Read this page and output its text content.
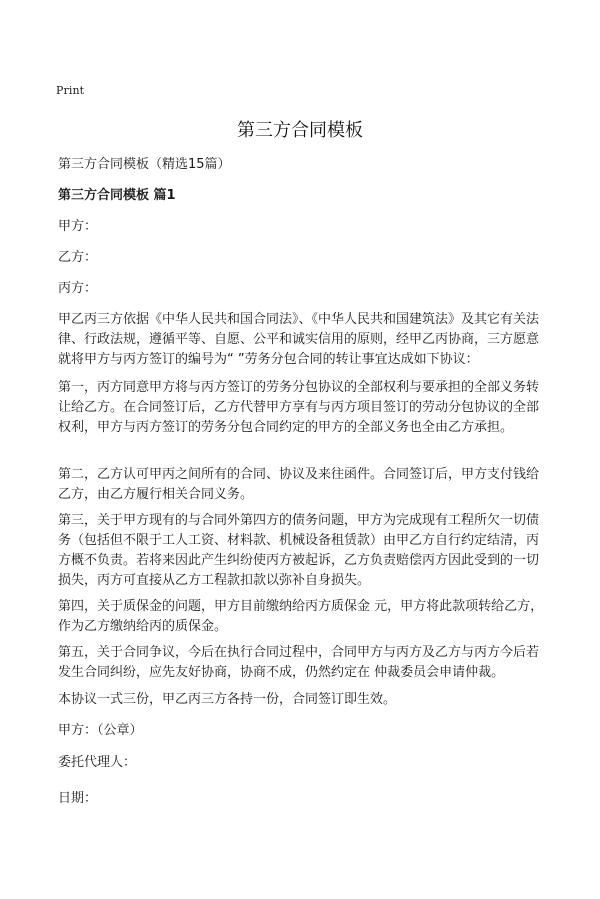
Print
第三方合同模板

第三方合同模板（精选15篇）

第三方合同模板 篇1

甲方：

乙方：

丙方：

甲乙丙三方依据《中华人民共和国合同法》、《中华人民共和国建筑法》及其它有关法律、行政法规，遵循平等、自愿、公平和诚实信用的原则，经甲乙丙协商，三方愿意就将甲方与丙方签订的编号为“ ”劳务分包合同的转让事宜达成如下协议：

第一，丙方同意甲方将与丙方签订的劳务分包协议的全部权利与要承担的全部义务转让给乙方。在合同签订后，乙方代替甲方享有与丙方项目签订的劳动分包协议的全部权利，甲方与丙方签订的劳务分包合同约定的甲方的全部义务也全由乙方承担。

第二，乙方认可甲丙之间所有的合同、协议及来往函件。合同签订后，甲方支付钱给乙方，由乙方履行相关合同义务。

第三，关于甲方现有的与合同外第四方的债务问题，甲方为完成现有工程所欠一切债务（包括但不限于工人工资、材料款、机械设备租赁款）由甲乙方自行约定结清，丙方概不负责。若将来因此产生纠纷使丙方被起诉，乙方负责赔偿丙方因此受到的一切损失，丙方可直接从乙方工程款扣款以弥补自身损失。

第四，关于质保金的问题，甲方目前缴纳给丙方质保金 元，甲方将此款项转给乙方，作为乙方缴纳给丙的质保金。

第五，关于合同争议，今后在执行合同过程中，合同甲方与丙方及乙方与丙方今后若发生合同纠纷，应先友好协商，协商不成，仍然约定在 仲裁委员会申请仲裁。

本协议一式三份，甲乙丙三方各持一份，合同签订即生效。

甲方：（公章）

委托代理人：

日期：
